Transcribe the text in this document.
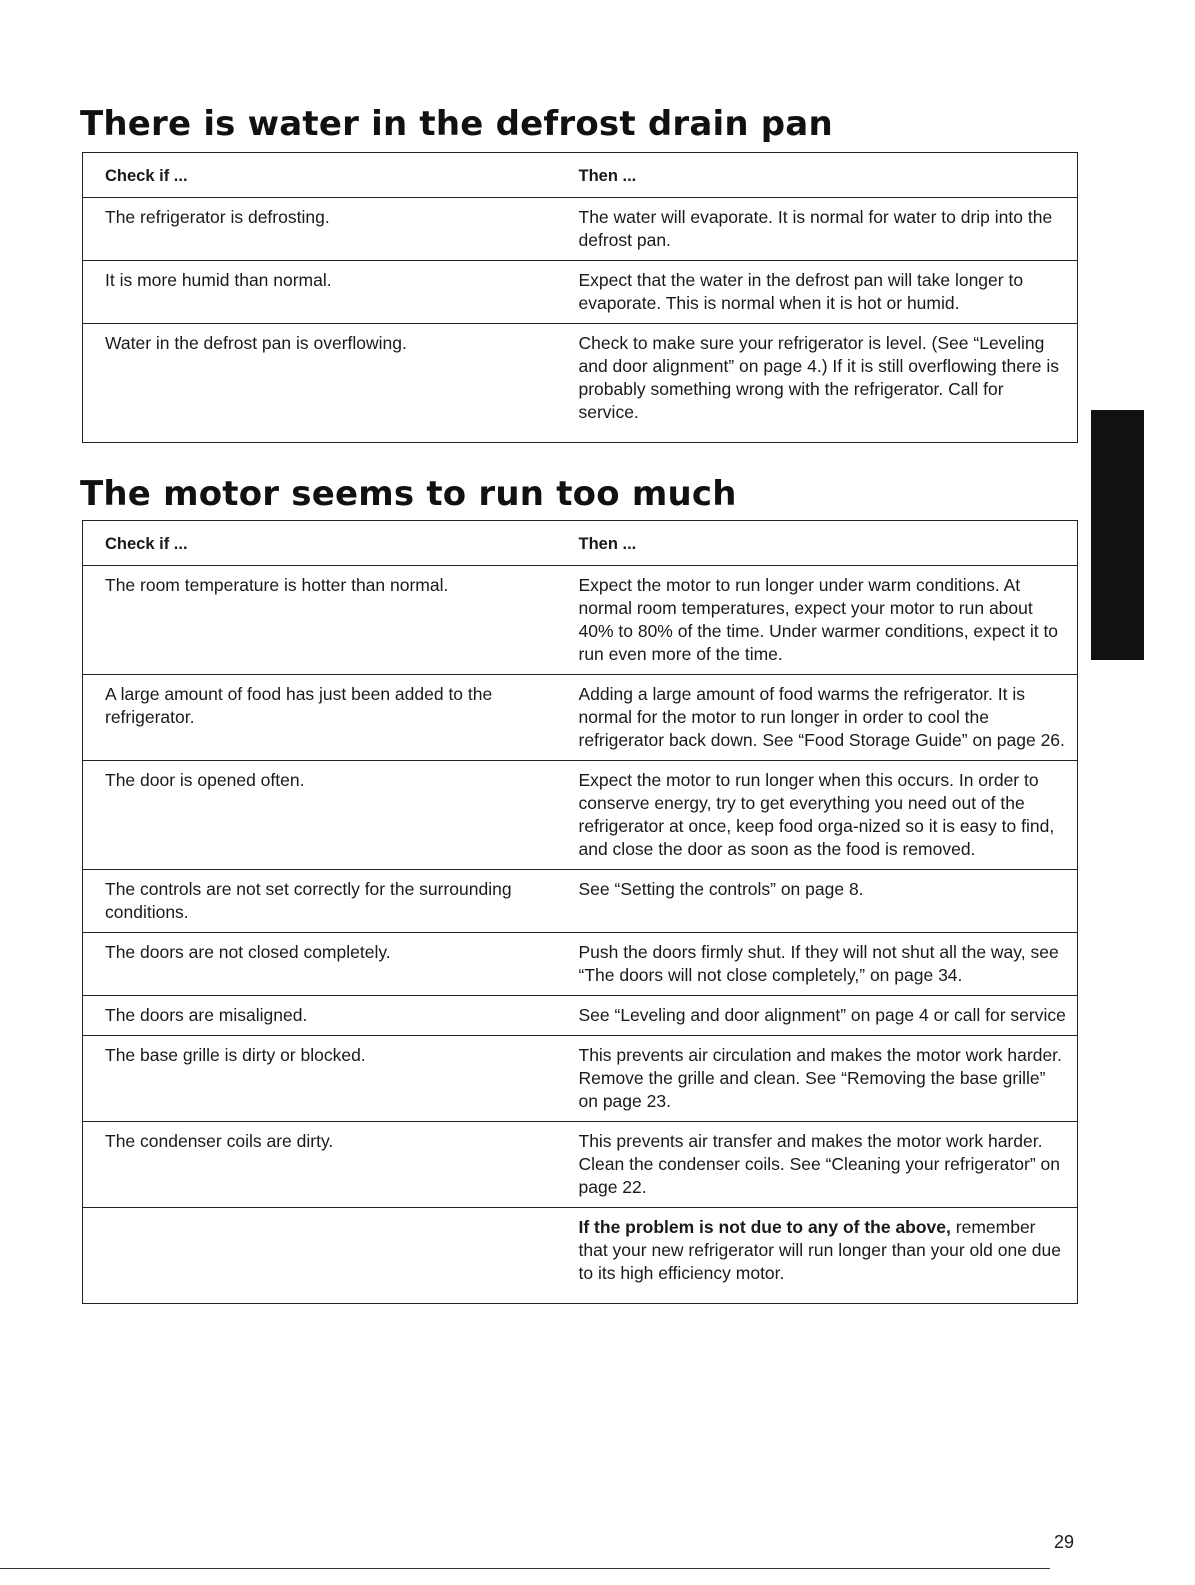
There is water in the defrost drain pan
Check if ...	Then ...
The refrigerator is defrosting.	The water will evaporate. It is normal for water to drip into the defrost pan.
It is more humid than normal.	Expect that the water in the defrost pan will take longer to evaporate. This is normal when it is hot or humid.
Water in the defrost pan is overflowing.	Check to make sure your refrigerator is level. (See “Leveling and door alignment” on page 4.) If it is still overflowing there is probably something wrong with the refrigerator. Call for service.
The motor seems to run too much
Check if ...	Then ...
The room temperature is hotter than normal.	Expect the motor to run longer under warm conditions. At normal room temperatures, expect your motor to run about 40% to 80% of the time. Under warmer conditions, expect it to run even more of the time.
A large amount of food has just been added to the refrigerator.	Adding a large amount of food warms the refrigerator. It is normal for the motor to run longer in order to cool the refrigerator back down. See “Food Storage Guide” on page 26.
The door is opened often.	Expect the motor to run longer when this occurs. In order to conserve energy, try to get everything you need out of the refrigerator at once, keep food orga-nized so it is easy to find, and close the door as soon as the food is removed.
The controls are not set correctly for the surrounding conditions.	See “Setting the controls” on page 8.
The doors are not closed completely.	Push the doors firmly shut. If they will not shut all the way, see “The doors will not close completely,” on page 34.
The doors are misaligned.	See “Leveling and door alignment” on page 4 or call for service
The base grille is dirty or blocked.	This prevents air circulation and makes the motor work harder. Remove the grille and clean. See “Removing the base grille” on page 23.
The condenser coils are dirty.	This prevents air transfer and makes the motor work harder. Clean the condenser coils. See “Cleaning your refrigerator” on page 22.
	If the problem is not due to any of the above, remember that your new refrigerator will run longer than your old one due to its high efficiency motor.
29
